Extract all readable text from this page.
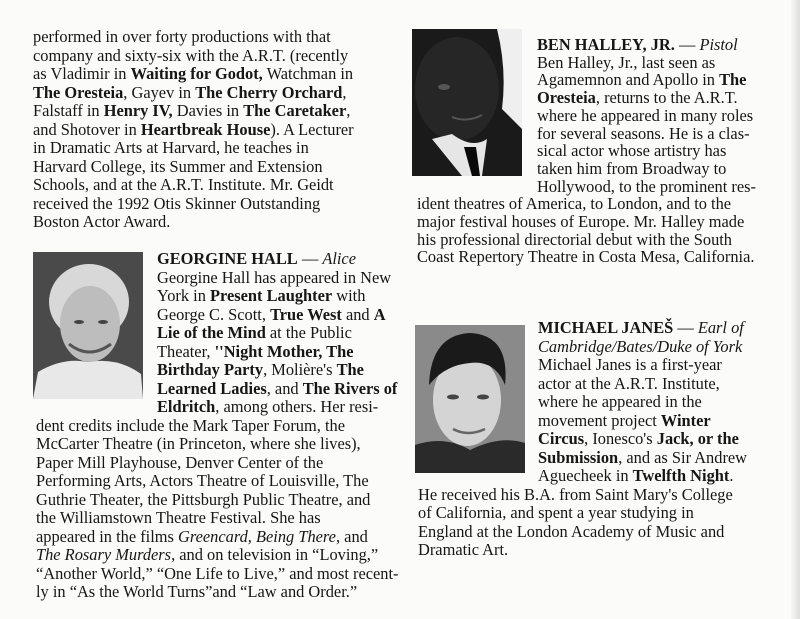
performed in over forty productions with that
company and sixty-six with the A.R.T. (recently
as Vladimir in Waiting for Godot, Watchman in
The Oresteia, Gayev in The Cherry Orchard,
Falstaff in Henry IV, Davies in The Caretaker,
and Shotover in Heartbreak House). A Lecturer
in Dramatic Arts at Harvard, he teaches in
Harvard College, its Summer and Extension
Schools, and at the A.R.T. Institute. Mr. Geidt
received the 1992 Otis Skinner Outstanding
Boston Actor Award.
GEORGINE HALL — Alice
Georgine Hall has appeared in New
York in Present Laughter with
George C. Scott, True West and A
Lie of the Mind at the Public
Theater, ''Night Mother, The
Birthday Party, Molière's The
Learned Ladies, and The Rivers of
Eldritch, among others. Her resi-
dent credits include the Mark Taper Forum, the
McCarter Theatre (in Princeton, where she lives),
Paper Mill Playhouse, Denver Center of the
Performing Arts, Actors Theatre of Louisville, The
Guthrie Theater, the Pittsburgh Public Theatre, and
the Williamstown Theatre Festival. She has
appeared in the films Greencard, Being There, and
The Rosary Murders, and on television in “Loving,”
“Another World,” “One Life to Live,” and most recent-
ly in “As the World Turns”and “Law and Order.”
BEN HALLEY, JR. — Pistol
Ben Halley, Jr., last seen as
Agamemnon and Apollo in The
Oresteia, returns to the A.R.T.
where he appeared in many roles
for several seasons. He is a clas-
sical actor whose artistry has
taken him from Broadway to
Hollywood, to the prominent res-
ident theatres of America, to London, and to the
major festival houses of Europe. Mr. Halley made
his professional directorial debut with the South
Coast Repertory Theatre in Costa Mesa, California.
MICHAEL JANEŠ — Earl of
Cambridge/Bates/Duke of York
Michael Janes is a first-year
actor at the A.R.T. Institute,
where he appeared in the
movement project Winter
Circus, Ionesco's Jack, or the
Submission, and as Sir Andrew
Aguecheek in Twelfth Night.
He received his B.A. from Saint Mary's College
of California, and spent a year studying in
England at the London Academy of Music and
Dramatic Art.
